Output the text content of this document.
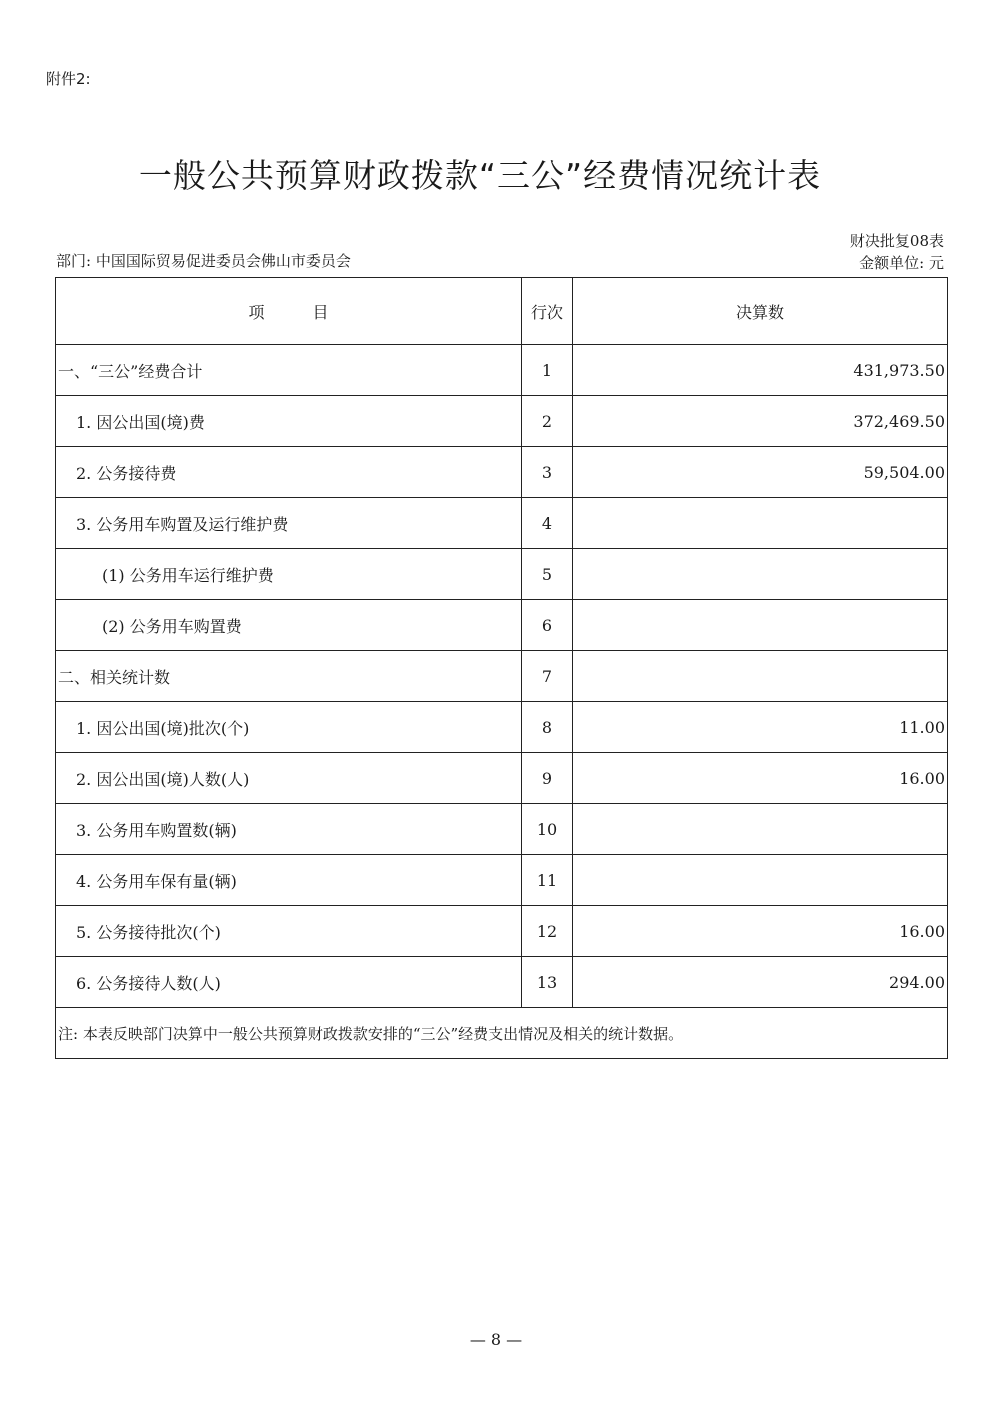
附件2:
一般公共预算财政拨款“三公”经费情况统计表
财决批复08表
金额单位: 元
部门: 中国国际贸易促进委员会佛山市委员会
项　　　目	行次	决算数
一、“三公”经费合计	1	431,973.50
1. 因公出国(境)费	2	372,469.50
2. 公务接待费	3	59,504.00
3. 公务用车购置及运行维护费	4	
(1) 公务用车运行维护费	5	
(2) 公务用车购置费	6	
二、相关统计数	7	
1. 因公出国(境)批次(个)	8	11.00
2. 因公出国(境)人数(人)	9	16.00
3. 公务用车购置数(辆)	10	
4. 公务用车保有量(辆)	11	
5. 公务接待批次(个)	12	16.00
6. 公务接待人数(人)	13	294.00
注: 本表反映部门决算中一般公共预算财政拨款安排的“三公”经费支出情况及相关的统计数据。		
— 8 —
